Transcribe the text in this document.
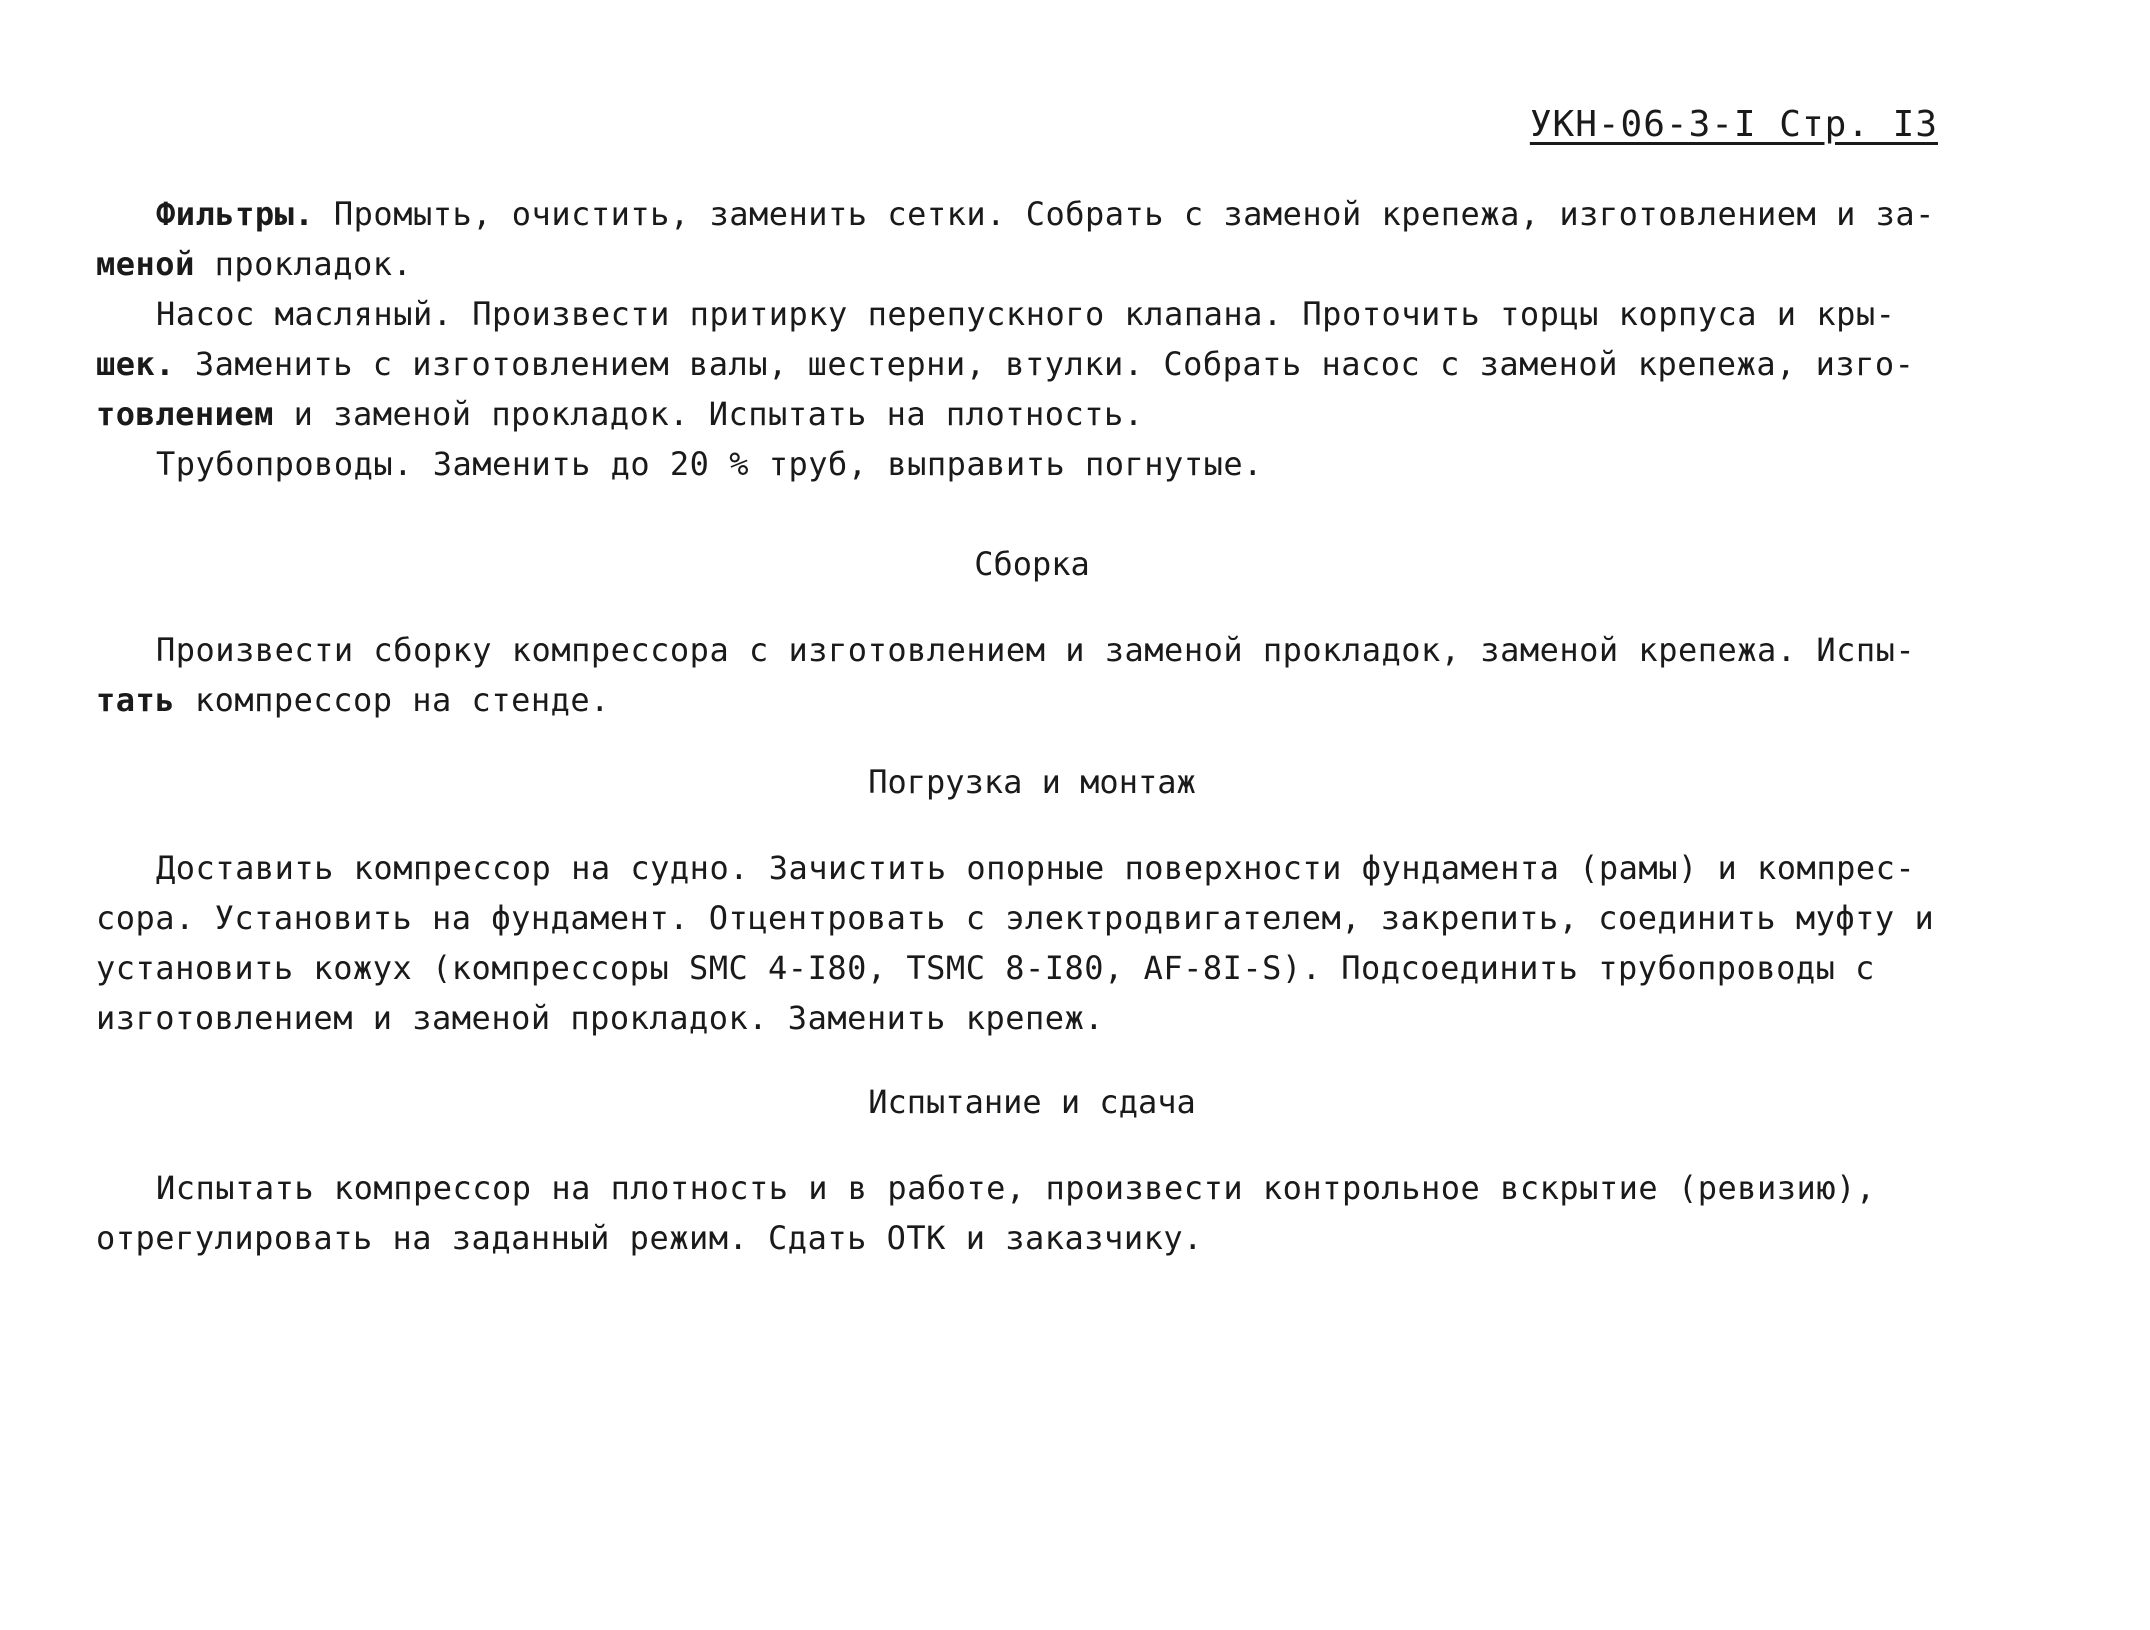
УКН-06-3-I Стр. I3
Фильтры. Промыть, очистить, заменить сетки. Собрать с заменой крепежа, изготовлением и за-
меной прокладок.
Насос масляный. Произвести притирку перепускного клапана. Проточить торцы корпуса и кры-
шек. Заменить с изготовлением валы, шестерни, втулки. Собрать насос с заменой крепежа, изго-
товлением и заменой прокладок. Испытать на плотность.
Трубопроводы. Заменить до 20 % труб, выправить погнутые.
Сборка
Произвести сборку компрессора с изготовлением и заменой прокладок, заменой крепежа. Испы-
тать компрессор на стенде.
Погрузка и монтаж
Доставить компрессор на судно. Зачистить опорные поверхности фундамента (рамы) и компрес-
сора. Установить на фундамент. Отцентровать с электродвигателем, закрепить, соединить муфту и
установить кожух (компрессоры SMC 4-I80, TSMC 8-I80, AF-8I-S). Подсоединить трубопроводы с
изготовлением и заменой прокладок. Заменить крепеж.
Испытание и сдача
Испытать компрессор на плотность и в работе, произвести контрольное вскрытие (ревизию),
отрегулировать на заданный режим. Сдать ОТК и заказчику.
